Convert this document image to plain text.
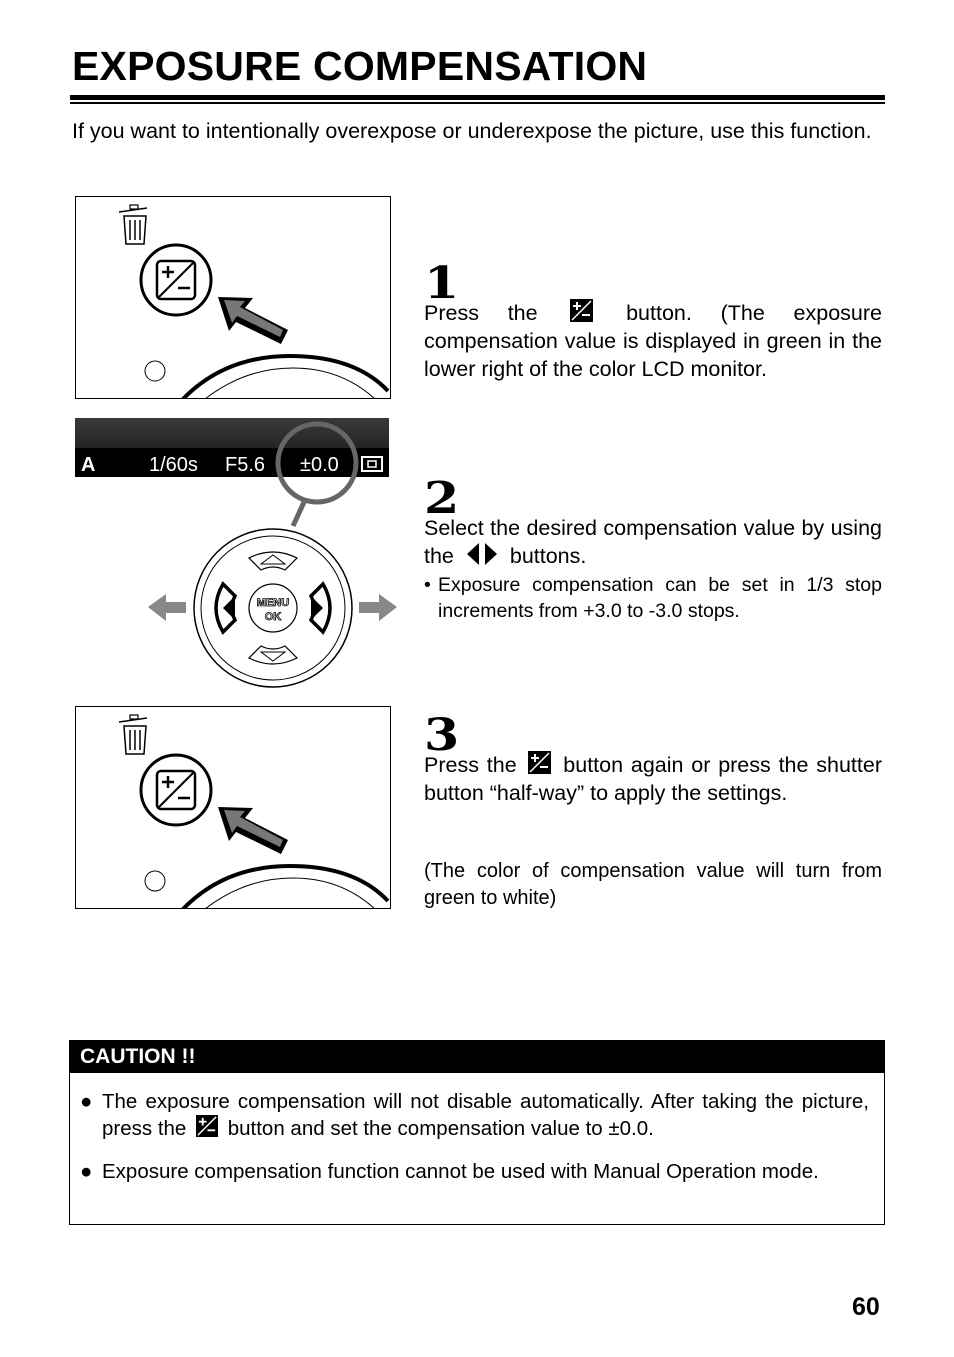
EXPOSURE COMPENSATION
If you want to intentionally overexpose or underexpose the picture, use this function.
1
Press the	button. (The exposure compensation value is displayed in green in the lower right of the color LCD monitor.
A	1/60s F5.6 ±0.0
MENU
OK
2
Select the desired compensation value by using the	buttons.
• Exposure compensation can be set in 1/3 stop increments from +3.0 to -3.0 stops.
3
Press the button again or press the shutter button “half-way” to apply the settings.
(The color of compensation value will turn from green to white)
CAUTION !!
● The exposure compensation will not disable automatically. After taking the picture, press the button and set the compensation value to ±0.0.
● Exposure compensation function cannot be used with Manual Operation mode.
60
